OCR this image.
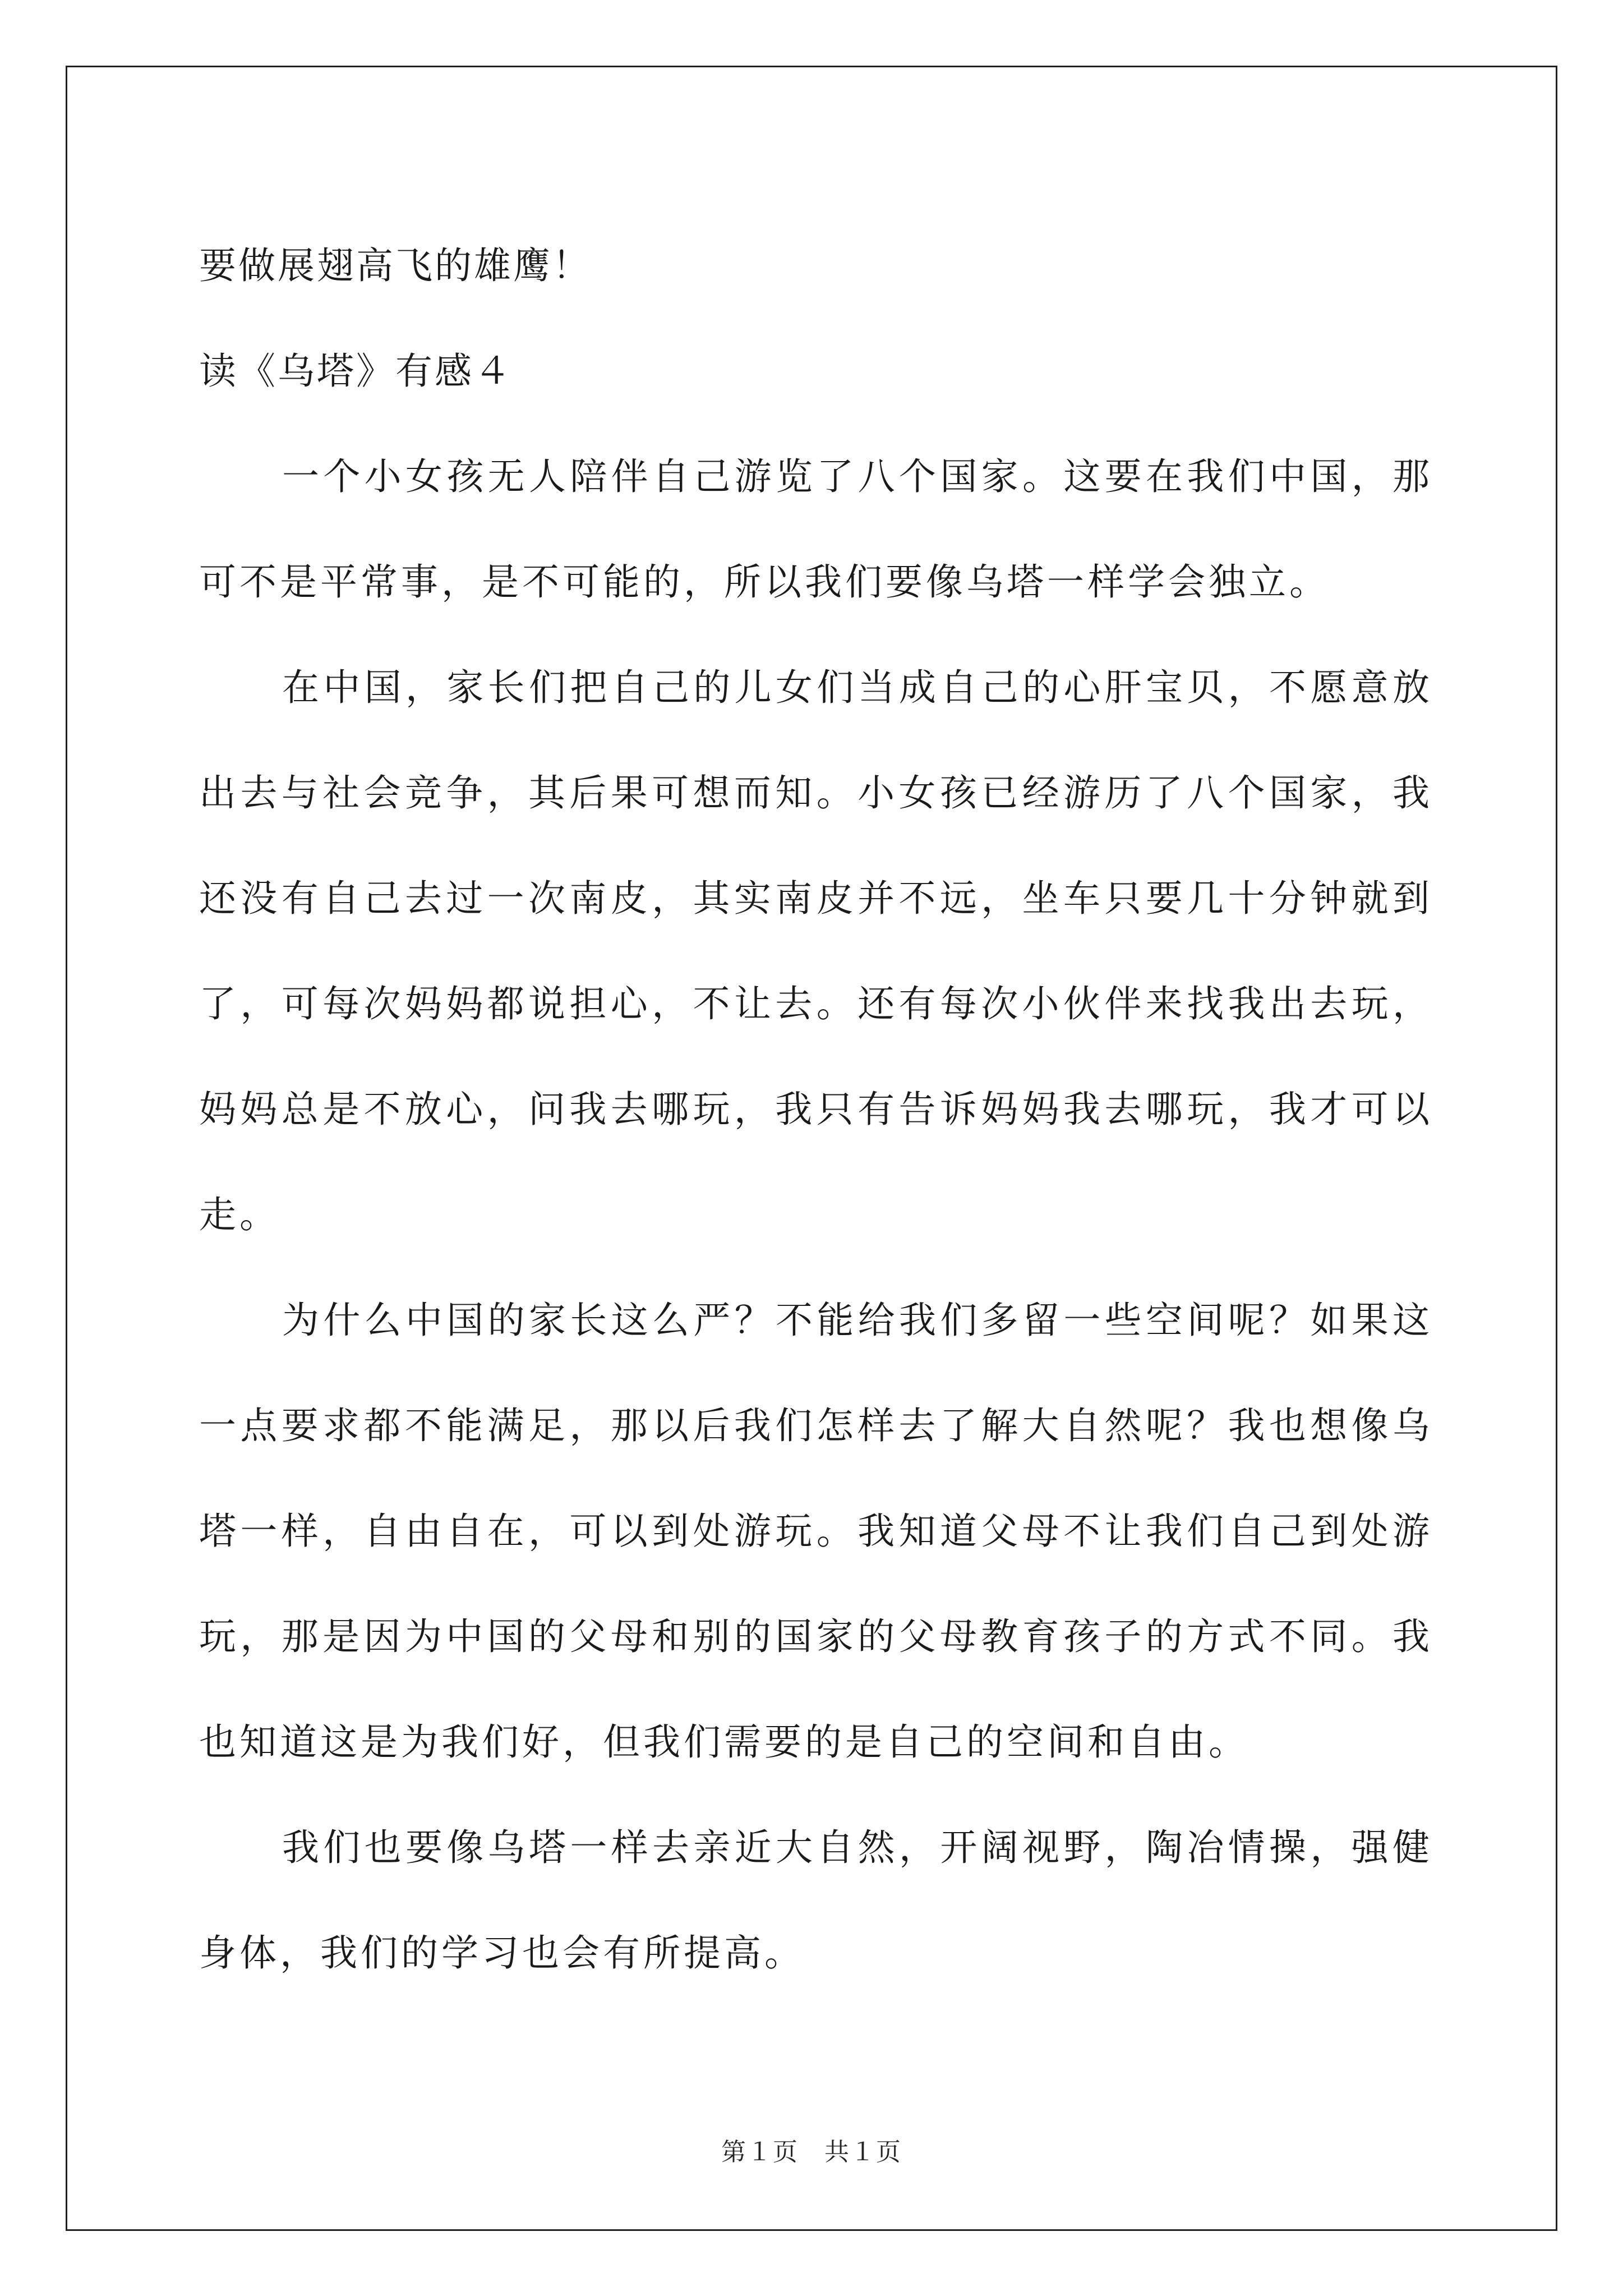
要做展翅高飞的雄鹰！

读《乌塔》有感４

一个小女孩无人陪伴自己游览了八个国家。这要在我们中国，那可不是平常事，是不可能的，所以我们要像乌塔一样学会独立。

在中国，家长们把自己的儿女们当成自己的心肝宝贝，不愿意放出去与社会竞争，其后果可想而知。小女孩已经游历了八个国家，我还没有自己去过一次南皮，其实南皮并不远，坐车只要几十分钟就到了，可每次妈妈都说担心，不让去。还有每次小伙伴来找我出去玩，妈妈总是不放心，问我去哪玩，我只有告诉妈妈我去哪玩，我才可以走。

为什么中国的家长这么严？不能给我们多留一些空间呢？如果这一点要求都不能满足，那以后我们怎样去了解大自然呢？我也想像乌塔一样，自由自在，可以到处游玩。我知道父母不让我们自己到处游玩，那是因为中国的父母和别的国家的父母教育孩子的方式不同。我也知道这是为我们好，但我们需要的是自己的空间和自由。

我们也要像乌塔一样去亲近大自然，开阔视野，陶冶情操，强健身体，我们的学习也会有所提高。

第１页　共１页
